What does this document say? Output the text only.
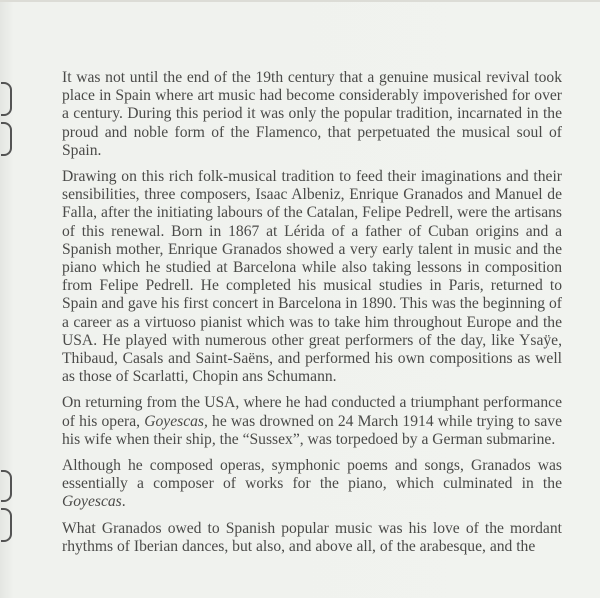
It was not until the end of the 19th century that a genuine musical revival took place in Spain where art music had become considerably impoverished for over a century. During this period it was only the popular tradition, incarnated in the proud and noble form of the Flamenco, that perpetuated the musical soul of Spain.

Drawing on this rich folk-musical tradition to feed their imaginations and their sensibilities, three composers, Isaac Albeniz, Enrique Granados and Manuel de Falla, after the initiating labours of the Catalan, Felipe Pedrell, were the artisans of this renewal. Born in 1867 at Lérida of a father of Cuban origins and a Spanish mother, Enrique Granados showed a very early talent in music and the piano which he studied at Barcelona while also taking lessons in composition from Felipe Pedrell. He completed his musical studies in Paris, returned to Spain and gave his first concert in Barcelona in 1890. This was the beginning of a career as a virtuoso pianist which was to take him throughout Europe and the USA. He played with numerous other great performers of the day, like Ysaÿe, Thibaud, Casals and Saint-Saëns, and performed his own compositions as well as those of Scarlatti, Chopin ans Schumann.

On returning from the USA, where he had conducted a triumphant performance of his opera, Goyescas, he was drowned on 24 March 1914 while trying to save his wife when their ship, the “Sussex”, was torpedoed by a German submarine.

Although he composed operas, symphonic poems and songs, Granados was essentially a composer of works for the piano, which culminated in the Goyescas.

What Granados owed to Spanish popular music was his love of the mordant rhythms of Iberian dances, but also, and above all, of the arabesque, and the
